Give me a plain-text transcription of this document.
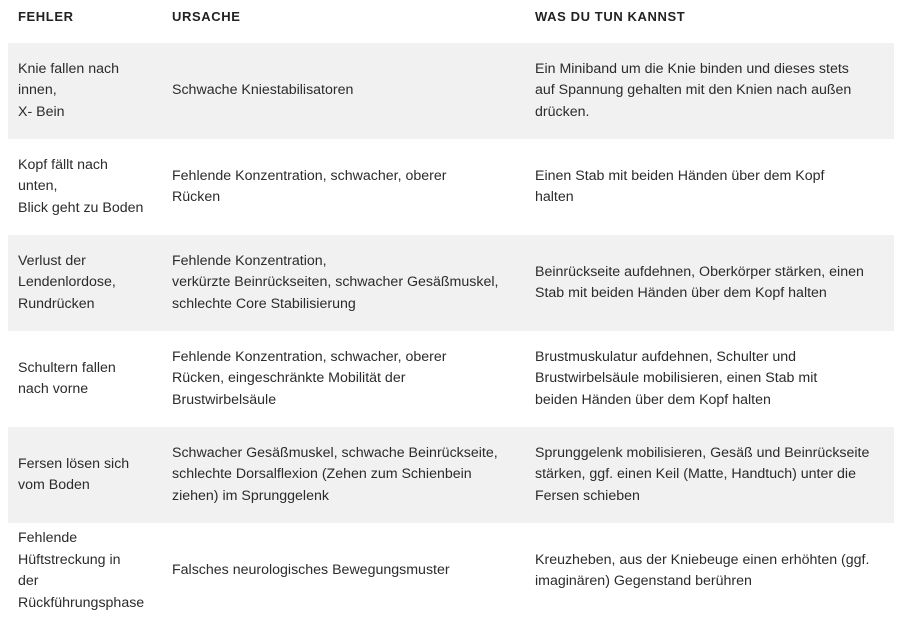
FEHLER	URSACHE	WAS DU TUN KANNST
Knie fallen nach
innen,
X- Bein
Schwache Kniestabilisatoren
Ein Miniband um die Knie binden und dieses stets
auf Spannung gehalten mit den Knien nach außen
drücken.
Kopf fällt nach
unten,
Blick geht zu Boden
Fehlende Konzentration, schwacher, oberer
Rücken
Einen Stab mit beiden Händen über dem Kopf
halten
Verlust der
Lendenlordose,
Rundrücken
Fehlende Konzentration,
verkürzte Beinrückseiten, schwacher Gesäßmuskel,
schlechte Core Stabilisierung
Beinrückseite aufdehnen, Oberkörper stärken, einen
Stab mit beiden Händen über dem Kopf halten
Schultern fallen
nach vorne
Fehlende Konzentration, schwacher, oberer
Rücken, eingeschränkte Mobilität der
Brustwirbelsäule
Brustmuskulatur aufdehnen, Schulter und
Brustwirbelsäule mobilisieren, einen Stab mit
beiden Händen über dem Kopf halten
Fersen lösen sich
vom Boden
Schwacher Gesäßmuskel, schwache Beinrückseite,
schlechte Dorsalflexion (Zehen zum Schienbein
ziehen) im Sprunggelenk
Sprunggelenk mobilisieren, Gesäß und Beinrückseite
stärken, ggf. einen Keil (Matte, Handtuch) unter die
Fersen schieben
Fehlende
Hüftstreckung in
der
Rückführungsphase
Falsches neurologisches Bewegungsmuster
Kreuzheben, aus der Kniebeuge einen erhöhten (ggf.
imaginären) Gegenstand berühren
